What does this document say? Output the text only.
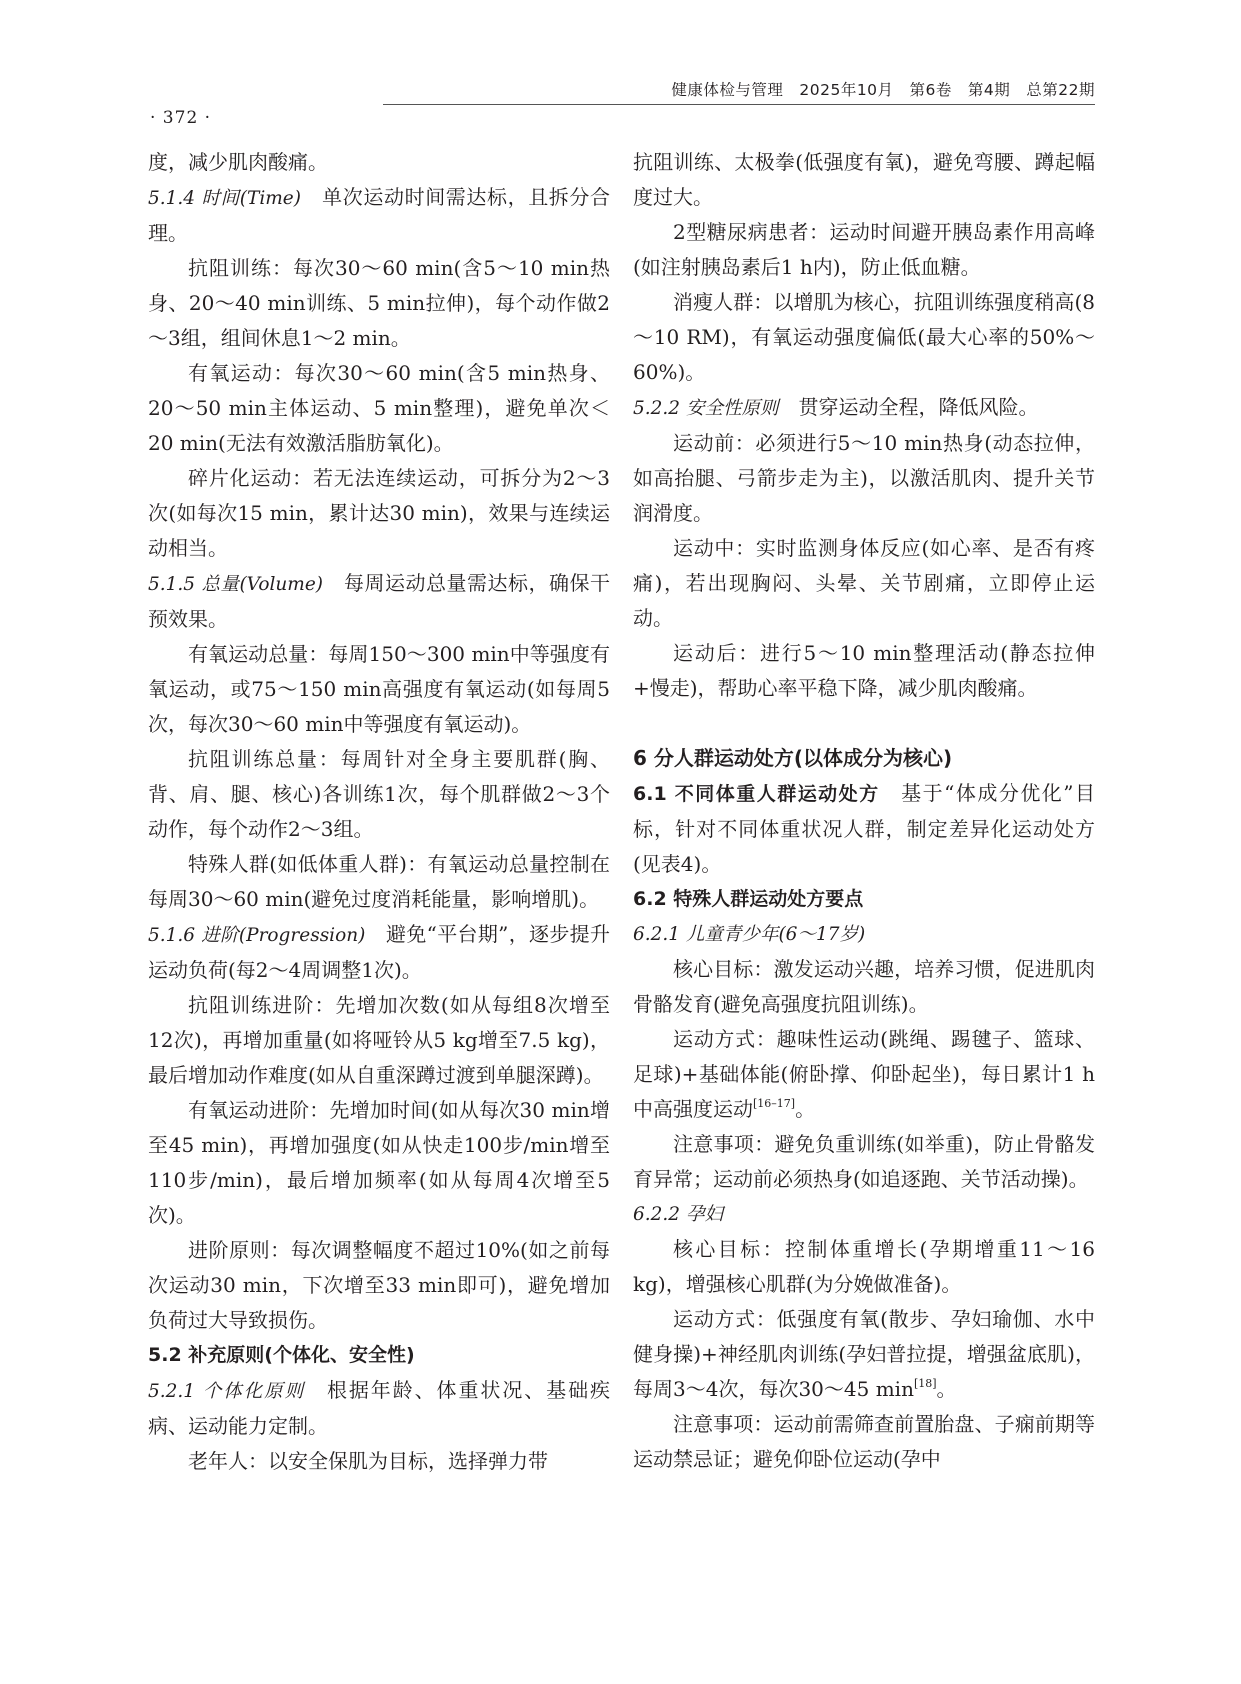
健康体检与管理　2025年10月　第6卷　第4期　总第22期
· 372 ·

度，减少肌肉酸痛。

5.1.4 时间(Time)　 单次运动时间需达标，且拆分合理。

抗阻训练：每次30～60 min(含5～10 min热身、20～40 min训练、5 min拉伸)，每个动作做2～3组，组间休息1～2 min。

有氧运动：每次30～60 min(含5 min热身、20～50 min主体运动、5 min整理)，避免单次＜20 min(无法有效激活脂肪氧化)。

碎片化运动：若无法连续运动，可拆分为2～3次(如每次15 min，累计达30 min)，效果与连续运动相当。

5.1.5 总量(Volume)　 每周运动总量需达标，确保干预效果。

有氧运动总量：每周150～300 min中等强度有氧运动，或75～150 min高强度有氧运动(如每周5次，每次30～60 min中等强度有氧运动)。

抗阻训练总量：每周针对全身主要肌群(胸、背、肩、腿、核心)各训练1次，每个肌群做2～3个动作，每个动作2～3组。

特殊人群(如低体重人群)：有氧运动总量控制在每周30～60 min(避免过度消耗能量，影响增肌)。

5.1.6 进阶(Progression)　 避免“平台期”，逐步提升运动负荷(每2～4周调整1次)。

抗阻训练进阶：先增加次数(如从每组8次增至12次)，再增加重量(如将哑铃从5 kg增至7.5 kg)，最后增加动作难度(如从自重深蹲过渡到单腿深蹲)。

有氧运动进阶：先增加时间(如从每次30 min增至45 min)，再增加强度(如从快走100步/min增至110步/min)，最后增加频率(如从每周4次增至5次)。

进阶原则：每次调整幅度不超过10%(如之前每次运动30 min，下次增至33 min即可)，避免增加负荷过大导致损伤。

5.2 补充原则(个体化、安全性)

5.2.1 个体化原则　 根据年龄、体重状况、基础疾病、运动能力定制。

老年人：以安全保肌为目标，选择弹力带

抗阻训练、太极拳(低强度有氧)，避免弯腰、蹲起幅度过大。

2型糖尿病患者：运动时间避开胰岛素作用高峰(如注射胰岛素后1 h内)，防止低血糖。

消瘦人群：以增肌为核心，抗阻训练强度稍高(8～10 RM)，有氧运动强度偏低(最大心率的50%～60%)。

5.2.2 安全性原则　 贯穿运动全程，降低风险。

运动前：必须进行5～10 min热身(动态拉伸，如高抬腿、弓箭步走为主)，以激活肌肉、提升关节润滑度。

运动中：实时监测身体反应(如心率、是否有疼痛)，若出现胸闷、头晕、关节剧痛，立即停止运动。

运动后：进行5～10 min整理活动(静态拉伸+慢走)，帮助心率平稳下降，减少肌肉酸痛。

6 分人群运动处方(以体成分为核心)

6.1 不同体重人群运动处方　 基于“体成分优化”目标，针对不同体重状况人群，制定差异化运动处方(见表4)。

6.2 特殊人群运动处方要点

6.2.1 儿童青少年(6～17岁)

核心目标：激发运动兴趣，培养习惯，促进肌肉骨骼发育(避免高强度抗阻训练)。

运动方式：趣味性运动(跳绳、踢毽子、篮球、足球)+基础体能(俯卧撑、仰卧起坐)，每日累计1 h中高强度运动[16–17]。

注意事项：避免负重训练(如举重)，防止骨骼发育异常；运动前必须热身(如追逐跑、关节活动操)。

6.2.2 孕妇

核心目标：控制体重增长(孕期增重11～16 kg)，增强核心肌群(为分娩做准备)。

运动方式：低强度有氧(散步、孕妇瑜伽、水中健身操)+神经肌肉训练(孕妇普拉提，增强盆底肌)，每周3～4次，每次30～45 min[18]。

注意事项：运动前需筛查前置胎盘、子痫前期等运动禁忌证；避免仰卧位运动(孕中
